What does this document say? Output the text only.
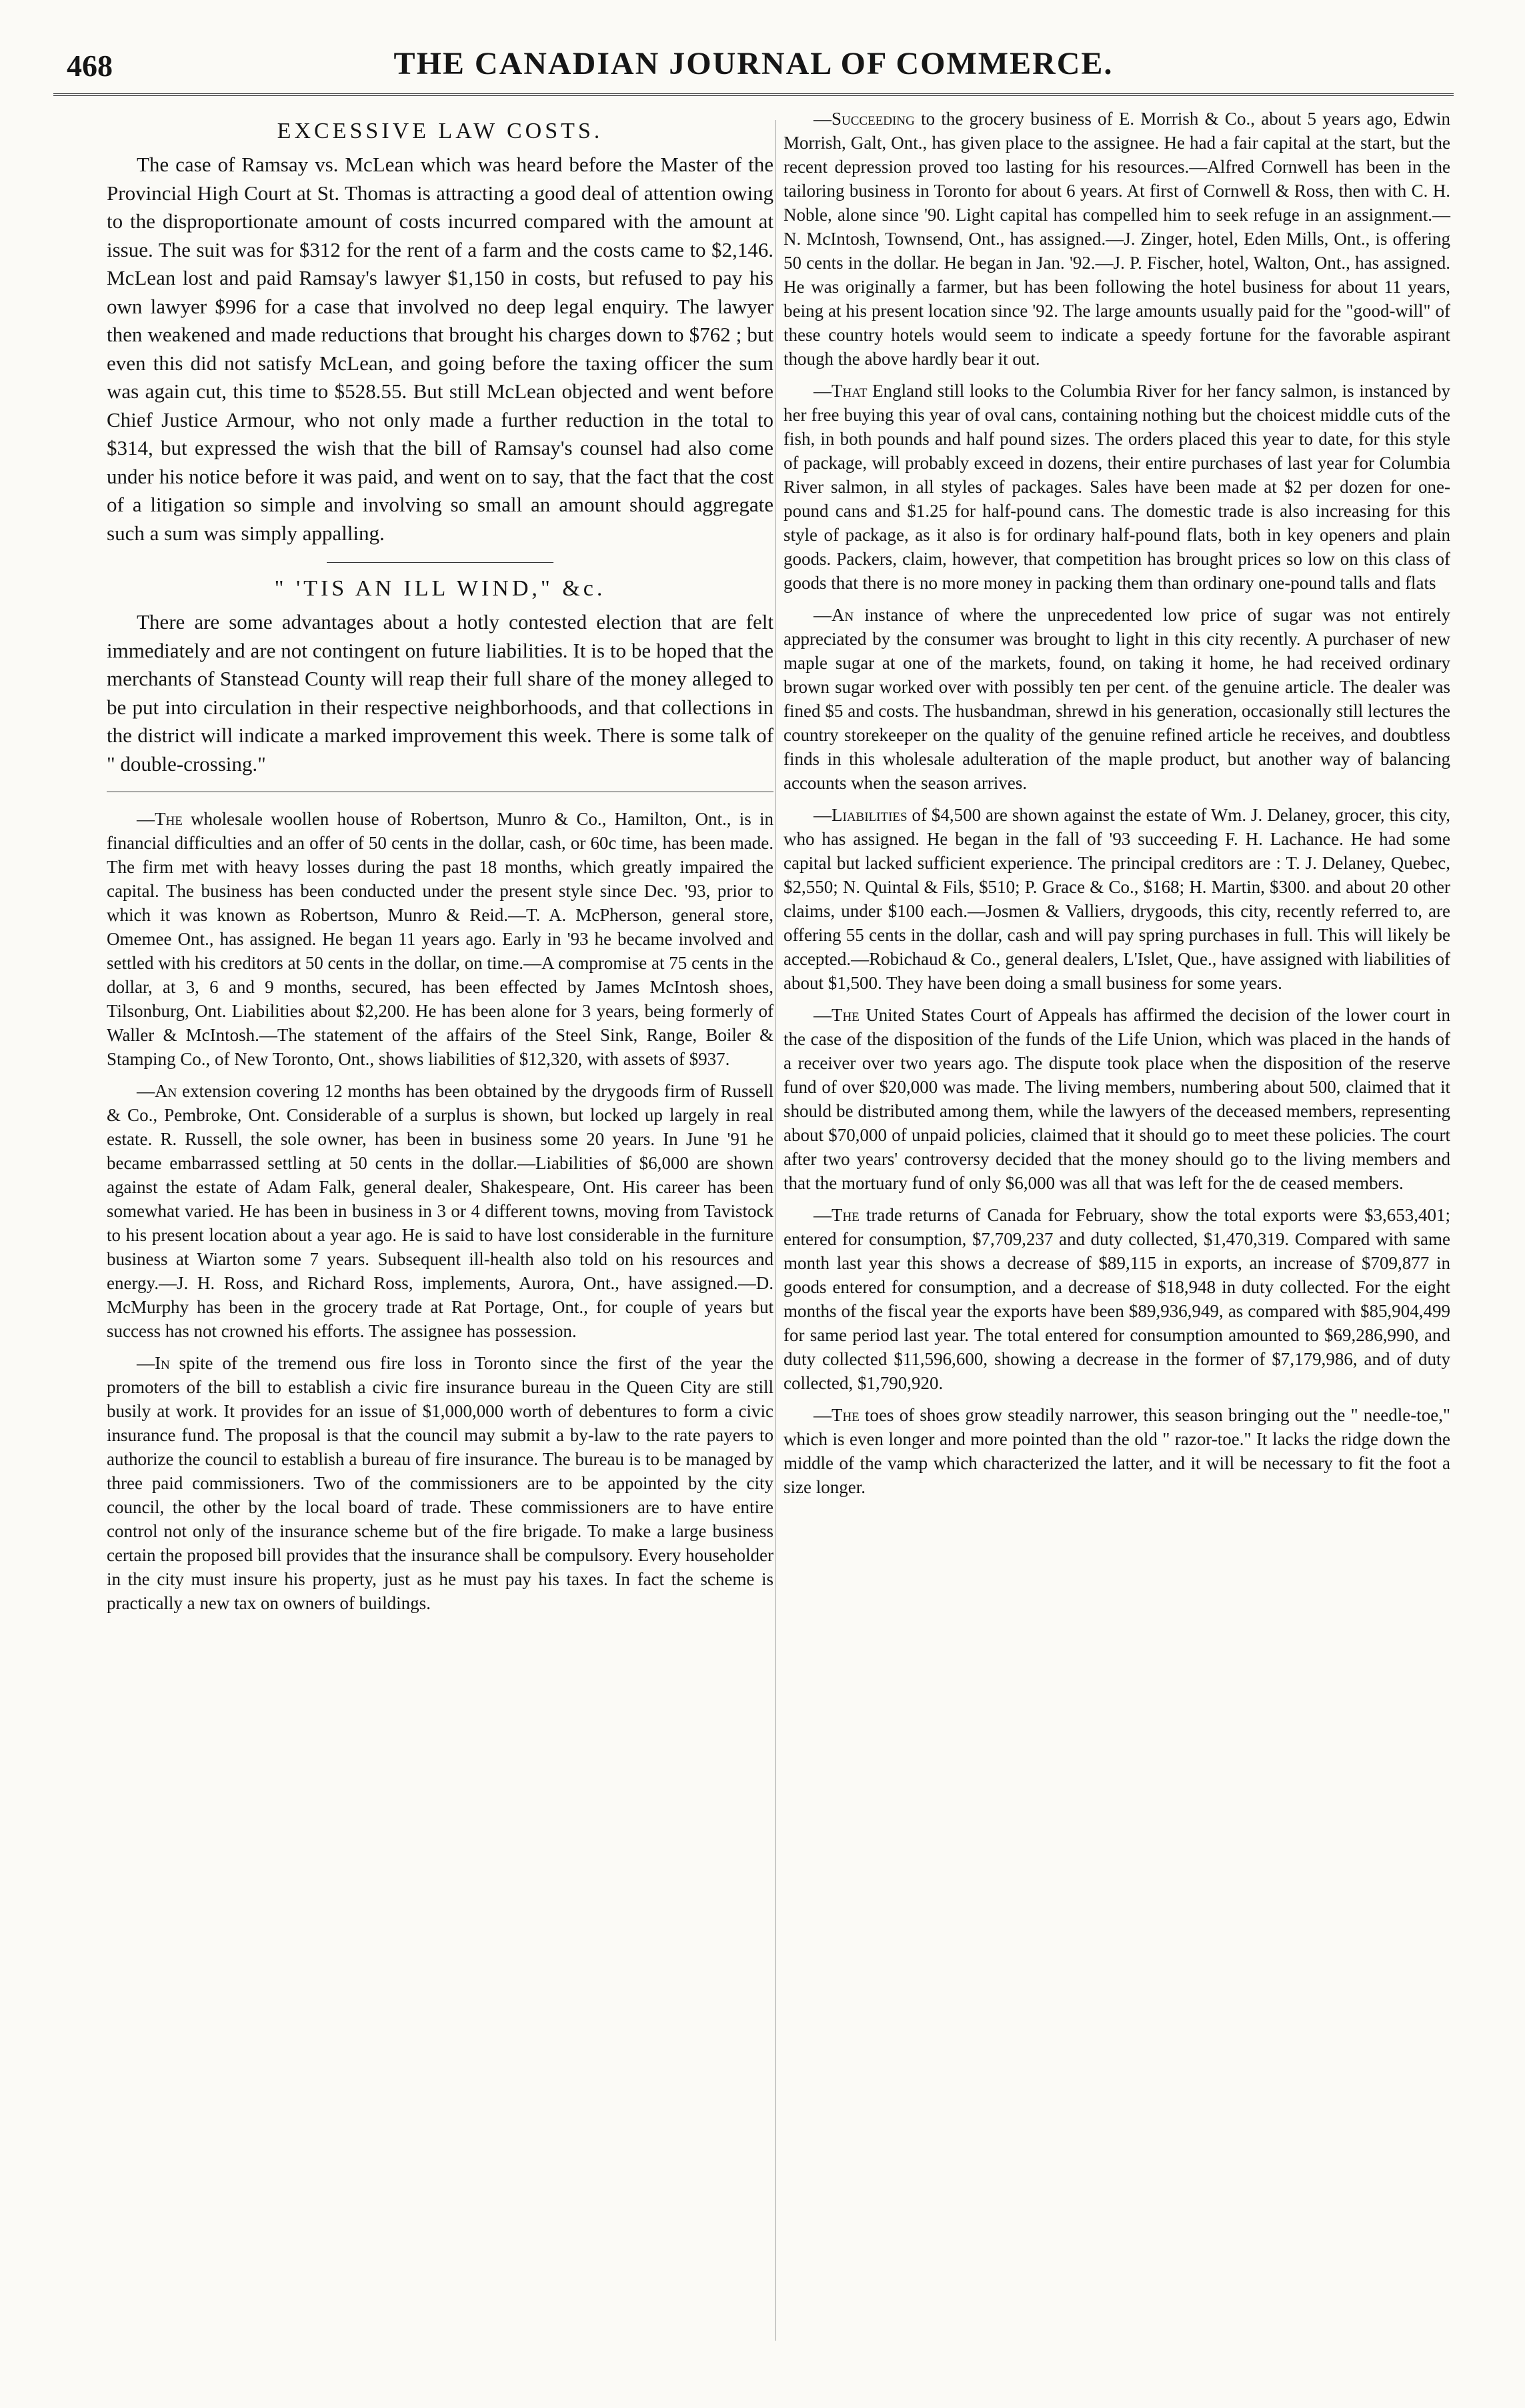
468	THE CANADIAN JOURNAL OF COMMERCE.
EXCESSIVE LAW COSTS.

The case of Ramsay vs. McLean which was heard before the Master of the Provincial High Court at St. Thomas is attracting a good deal of attention owing to the disproportionate amount of costs incurred compared with the amount at issue. The suit was for $312 for the rent of a farm and the costs came to $2,146. McLean lost and paid Ramsay's lawyer $1,150 in costs, but refused to pay his own lawyer $996 for a case that involved no deep legal enquiry. The lawyer then weakened and made reductions that brought his charges down to $762 ; but even this did not satisfy McLean, and going before the taxing officer the sum was again cut, this time to $528.55. But still McLean objected and went before Chief Justice Armour, who not only made a further reduction in the total to $314, but expressed the wish that the bill of Ramsay's counsel had also come under his notice before it was paid, and went on to say, that the fact that the cost of a litigation so simple and involving so small an amount should aggregate such a sum was simply appalling.

" 'TIS AN ILL WIND," &c.

There are some advantages about a hotly contested election that are felt immediately and are not contingent on future liabilities. It is to be hoped that the merchants of Stanstead County will reap their full share of the money alleged to be put into circulation in their respective neighborhoods, and that collections in the district will indicate a marked improvement this week. There is some talk of " double-crossing."

—The wholesale woollen house of Robertson, Munro & Co., Hamilton, Ont., is in financial difficulties and an offer of 50 cents in the dollar, cash, or 60c time, has been made. The firm met with heavy losses during the past 18 months, which greatly impaired the capital. The business has been conducted under the present style since Dec. '93, prior to which it was known as Robertson, Munro & Reid.—T. A. McPherson, general store, Omemee Ont., has assigned. He began 11 years ago. Early in '93 he became involved and settled with his creditors at 50 cents in the dollar, on time.—A compromise at 75 cents in the dollar, at 3, 6 and 9 months, secured, has been effected by James McIntosh shoes, Tilsonburg, Ont. Liabilities about $2,200. He has been alone for 3 years, being formerly of Waller & McIntosh.—The statement of the affairs of the Steel Sink, Range, Boiler & Stamping Co., of New Toronto, Ont., shows liabilities of $12,320, with assets of $937.

—An extension covering 12 months has been obtained by the drygoods firm of Russell & Co., Pembroke, Ont. Considerable of a surplus is shown, but locked up largely in real estate. R. Russell, the sole owner, has been in business some 20 years. In June '91 he became embarrassed settling at 50 cents in the dollar.—Liabilities of $6,000 are shown against the estate of Adam Falk, general dealer, Shakespeare, Ont. His career has been somewhat varied. He has been in business in 3 or 4 different towns, moving from Tavistock to his present location about a year ago. He is said to have lost considerable in the furniture business at Wiarton some 7 years. Subsequent ill-health also told on his resources and energy.—J. H. Ross, and Richard Ross, implements, Aurora, Ont., have assigned.—D. McMurphy has been in the grocery trade at Rat Portage, Ont., for couple of years but success has not crowned his efforts. The assignee has possession.

—In spite of the tremend ous fire loss in Toronto since the first of the year the promoters of the bill to establish a civic fire insurance bureau in the Queen City are still busily at work. It provides for an issue of $1,000,000 worth of debentures to form a civic insurance fund. The proposal is that the council may submit a by-law to the rate payers to authorize the council to establish a bureau of fire insurance. The bureau is to be managed by three paid commissioners. Two of the commissioners are to be appointed by the city council, the other by the local board of trade. These commissioners are to have entire control not only of the insurance scheme but of the fire brigade. To make a large business certain the proposed bill provides that the insurance shall be compulsory. Every householder in the city must insure his property, just as he must pay his taxes. In fact the scheme is practically a new tax on owners of buildings.

—Succeeding to the grocery business of E. Morrish & Co., about 5 years ago, Edwin Morrish, Galt, Ont., has given place to the assignee. He had a fair capital at the start, but the recent depression proved too lasting for his resources.—Alfred Cornwell has been in the tailoring business in Toronto for about 6 years. At first of Cornwell & Ross, then with C. H. Noble, alone since '90. Light capital has compelled him to seek refuge in an assignment.—N. McIntosh, Townsend, Ont., has assigned.—J. Zinger, hotel, Eden Mills, Ont., is offering 50 cents in the dollar. He began in Jan. '92.—J. P. Fischer, hotel, Walton, Ont., has assigned. He was originally a farmer, but has been following the hotel business for about 11 years, being at his present location since '92. The large amounts usually paid for the "good-will" of these country hotels would seem to indicate a speedy fortune for the favorable aspirant though the above hardly bear it out.

—That England still looks to the Columbia River for her fancy salmon, is instanced by her free buying this year of oval cans, containing nothing but the choicest middle cuts of the fish, in both pounds and half pound sizes. The orders placed this year to date, for this style of package, will probably exceed in dozens, their entire purchases of last year for Columbia River salmon, in all styles of packages. Sales have been made at $2 per dozen for one-pound cans and $1.25 for half-pound cans. The domestic trade is also increasing for this style of package, as it also is for ordinary half-pound flats, both in key openers and plain goods. Packers, claim, however, that competition has brought prices so low on this class of goods that there is no more money in packing them than ordinary one-pound talls and flats

—An instance of where the unprecedented low price of sugar was not entirely appreciated by the consumer was brought to light in this city recently. A purchaser of new maple sugar at one of the markets, found, on taking it home, he had received ordinary brown sugar worked over with possibly ten per cent. of the genuine article. The dealer was fined $5 and costs. The husbandman, shrewd in his generation, occasionally still lectures the country storekeeper on the quality of the genuine refined article he receives, and doubtless finds in this wholesale adulteration of the maple product, but another way of balancing accounts when the season arrives.

—Liabilities of $4,500 are shown against the estate of Wm. J. Delaney, grocer, this city, who has assigned. He began in the fall of '93 succeeding F. H. Lachance. He had some capital but lacked sufficient experience. The principal creditors are : T. J. Delaney, Quebec, $2,550; N. Quintal & Fils, $510; P. Grace & Co., $168; H. Martin, $300. and about 20 other claims, under $100 each.—Josmen & Valliers, drygoods, this city, recently referred to, are offering 55 cents in the dollar, cash and will pay spring purchases in full. This will likely be accepted.—Robichaud & Co., general dealers, L'Islet, Que., have assigned with liabilities of about $1,500. They have been doing a small business for some years.

—The United States Court of Appeals has affirmed the decision of the lower court in the case of the disposition of the funds of the Life Union, which was placed in the hands of a receiver over two years ago. The dispute took place when the disposition of the reserve fund of over $20,000 was made. The living members, numbering about 500, claimed that it should be distributed among them, while the lawyers of the deceased members, representing about $70,000 of unpaid policies, claimed that it should go to meet these policies. The court after two years' controversy decided that the money should go to the living members and that the mortuary fund of only $6,000 was all that was left for the de ceased members.

—The trade returns of Canada for February, show the total exports were $3,653,401; entered for consumption, $7,709,237 and duty collected, $1,470,319. Compared with same month last year this shows a decrease of $89,115 in exports, an increase of $709,877 in goods entered for consumption, and a decrease of $18,948 in duty collected. For the eight months of the fiscal year the exports have been $89,936,949, as compared with $85,904,499 for same period last year. The total entered for consumption amounted to $69,286,990, and duty collected $11,596,600, showing a decrease in the former of $7,179,986, and of duty collected, $1,790,920.

—The toes of shoes grow steadily narrower, this season bringing out the " needle-toe," which is even longer and more pointed than the old " razor-toe." It lacks the ridge down the middle of the vamp which characterized the latter, and it will be necessary to fit the foot a size longer.
